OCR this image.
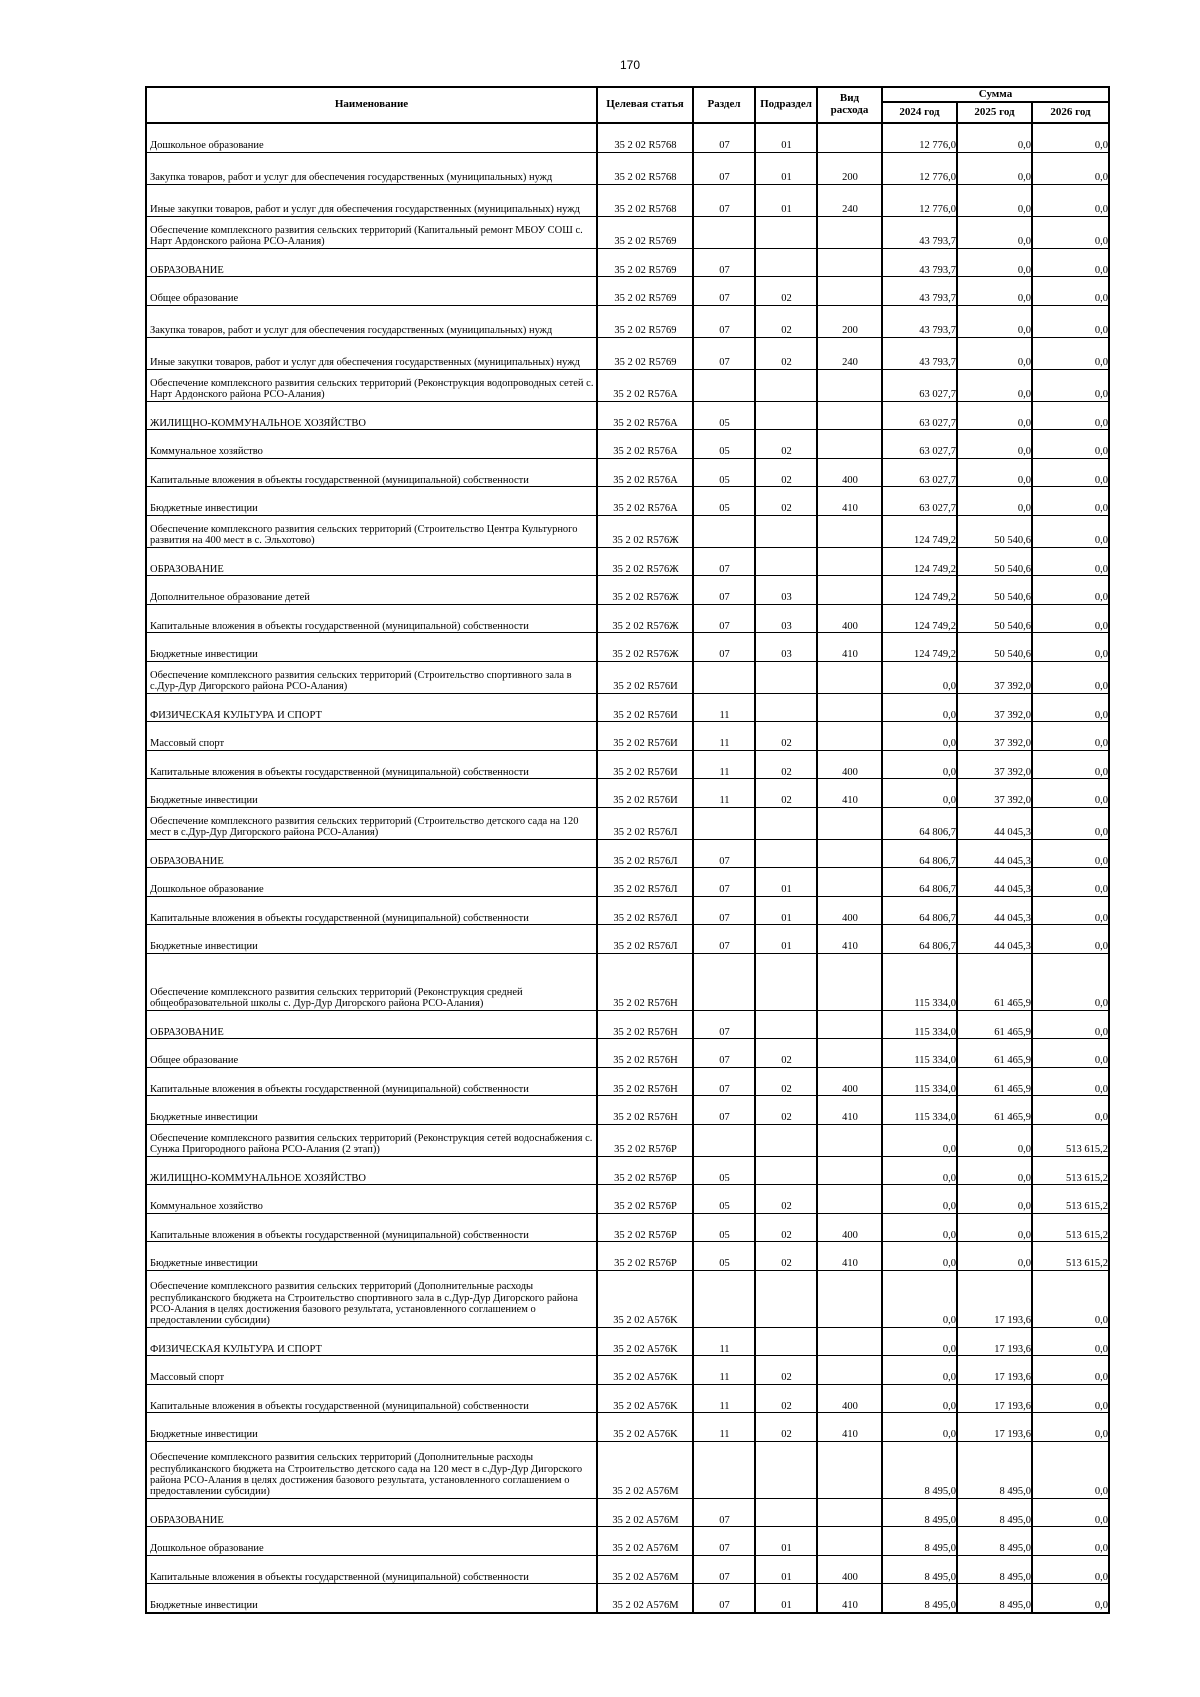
170
Наименование	Целевая статья	Раздел	Подраздел	Вид расхода	Сумма		
					2024 год	2025 год	2026 год
Дошкольное образование	35 2 02 R5768	07	01		12 776,0	0,0	0,0
Закупка товаров, работ и услуг для обеспечения государственных (муниципальных) нужд	35 2 02 R5768	07	01	200	12 776,0	0,0	0,0
Иные закупки товаров, работ и услуг для обеспечения государственных (муниципальных) нужд	35 2 02 R5768	07	01	240	12 776,0	0,0	0,0
Обеспечение комплексного развития сельских территорий (Капитальный ремонт МБОУ СОШ с. Нарт Ардонского района РСО-Алания)	35 2 02 R5769				43 793,7	0,0	0,0
ОБРАЗОВАНИЕ	35 2 02 R5769	07			43 793,7	0,0	0,0
Общее образование	35 2 02 R5769	07	02		43 793,7	0,0	0,0
Закупка товаров, работ и услуг для обеспечения государственных (муниципальных) нужд	35 2 02 R5769	07	02	200	43 793,7	0,0	0,0
Иные закупки товаров, работ и услуг для обеспечения государственных (муниципальных) нужд	35 2 02 R5769	07	02	240	43 793,7	0,0	0,0
Обеспечение комплексного развития сельских территорий (Реконструкция водопроводных сетей с. Нарт Ардонского района РСО-Алания)	35 2 02 R576A				63 027,7	0,0	0,0
ЖИЛИЩНО-КОММУНАЛЬНОЕ ХОЗЯЙСТВО	35 2 02 R576A	05			63 027,7	0,0	0,0
Коммунальное хозяйство	35 2 02 R576A	05	02		63 027,7	0,0	0,0
Капитальные вложения в объекты государственной (муниципальной) собственности	35 2 02 R576A	05	02	400	63 027,7	0,0	0,0
Бюджетные инвестиции	35 2 02 R576A	05	02	410	63 027,7	0,0	0,0
Обеспечение комплексного развития сельских территорий (Строительство Центра Культурного развития на 400 мест в с. Эльхотово)	35 2 02 R576Ж				124 749,2	50 540,6	0,0
ОБРАЗОВАНИЕ	35 2 02 R576Ж	07			124 749,2	50 540,6	0,0
Дополнительное образование детей	35 2 02 R576Ж	07	03		124 749,2	50 540,6	0,0
Капитальные вложения в объекты государственной (муниципальной) собственности	35 2 02 R576Ж	07	03	400	124 749,2	50 540,6	0,0
Бюджетные инвестиции	35 2 02 R576Ж	07	03	410	124 749,2	50 540,6	0,0
Обеспечение комплексного развития сельских территорий (Строительство спортивного зала в с.Дур-Дур Дигорского района РСО-Алания)	35 2 02 R576И				0,0	37 392,0	0,0
ФИЗИЧЕСКАЯ КУЛЬТУРА И СПОРТ	35 2 02 R576И	11			0,0	37 392,0	0,0
Массовый спорт	35 2 02 R576И	11	02		0,0	37 392,0	0,0
Капитальные вложения в объекты государственной (муниципальной) собственности	35 2 02 R576И	11	02	400	0,0	37 392,0	0,0
Бюджетные инвестиции	35 2 02 R576И	11	02	410	0,0	37 392,0	0,0
Обеспечение комплексного развития сельских территорий (Строительство детского сада на 120 мест в с.Дур-Дур Дигорского района РСО-Алания)	35 2 02 R576Л				64 806,7	44 045,3	0,0
ОБРАЗОВАНИЕ	35 2 02 R576Л	07			64 806,7	44 045,3	0,0
Дошкольное образование	35 2 02 R576Л	07	01		64 806,7	44 045,3	0,0
Капитальные вложения в объекты государственной (муниципальной) собственности	35 2 02 R576Л	07	01	400	64 806,7	44 045,3	0,0
Бюджетные инвестиции	35 2 02 R576Л	07	01	410	64 806,7	44 045,3	0,0
Обеспечение комплексного развития сельских территорий (Реконструкция средней общеобразовательной школы с. Дур-Дур Дигорского района РСО-Алания)	35 2 02 R576Н				115 334,0	61 465,9	0,0
ОБРАЗОВАНИЕ	35 2 02 R576Н	07			115 334,0	61 465,9	0,0
Общее образование	35 2 02 R576Н	07	02		115 334,0	61 465,9	0,0
Капитальные вложения в объекты государственной (муниципальной) собственности	35 2 02 R576Н	07	02	400	115 334,0	61 465,9	0,0
Бюджетные инвестиции	35 2 02 R576Н	07	02	410	115 334,0	61 465,9	0,0
Обеспечение комплексного развития сельских территорий (Реконструкция сетей водоснабжения с. Сунжа Пригородного района РСО-Алания (2 этап))	35 2 02 R576P				0,0	0,0	513 615,2
ЖИЛИЩНО-КОММУНАЛЬНОЕ ХОЗЯЙСТВО	35 2 02 R576P	05			0,0	0,0	513 615,2
Коммунальное хозяйство	35 2 02 R576P	05	02		0,0	0,0	513 615,2
Капитальные вложения в объекты государственной (муниципальной) собственности	35 2 02 R576P	05	02	400	0,0	0,0	513 615,2
Бюджетные инвестиции	35 2 02 R576P	05	02	410	0,0	0,0	513 615,2
Обеспечение комплексного развития сельских территорий (Дополнительные расходы республиканского бюджета на Строительство спортивного зала в с.Дур-Дур Дигорского района РСО-Алания в целях достижения базового результата, установленного соглашением о предоставлении субсидии)	35 2 02 A576K				0,0	17 193,6	0,0
ФИЗИЧЕСКАЯ КУЛЬТУРА И СПОРТ	35 2 02 A576K	11			0,0	17 193,6	0,0
Массовый спорт	35 2 02 A576K	11	02		0,0	17 193,6	0,0
Капитальные вложения в объекты государственной (муниципальной) собственности	35 2 02 A576K	11	02	400	0,0	17 193,6	0,0
Бюджетные инвестиции	35 2 02 A576K	11	02	410	0,0	17 193,6	0,0
Обеспечение комплексного развития сельских территорий (Дополнительные расходы республиканского бюджета на Строительство детского сада на 120 мест в с.Дур-Дур Дигорского района РСО-Алания в целях достижения базового результата, установленного соглашением о предоставлении субсидии)	35 2 02 A576M				8 495,0	8 495,0	0,0
ОБРАЗОВАНИЕ	35 2 02 A576M	07			8 495,0	8 495,0	0,0
Дошкольное образование	35 2 02 A576M	07	01		8 495,0	8 495,0	0,0
Капитальные вложения в объекты государственной (муниципальной) собственности	35 2 02 A576M	07	01	400	8 495,0	8 495,0	0,0
Бюджетные инвестиции	35 2 02 A576M	07	01	410	8 495,0	8 495,0	0,0
